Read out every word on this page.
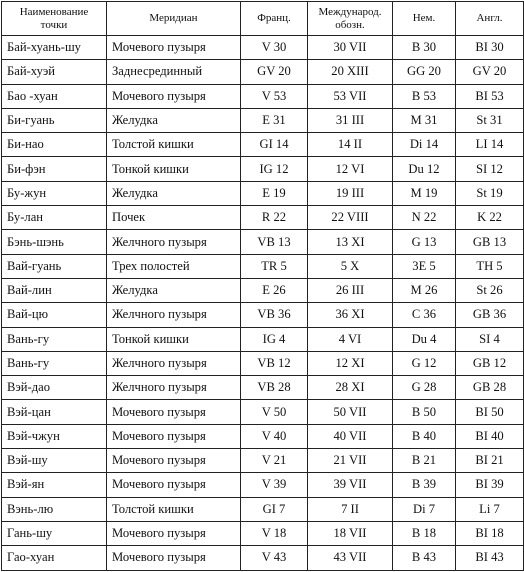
Наименование точки	Меридиан	Франц.	Международ. обозн.	Нем.	Англ.
Бай-хуань-шу	Мочевого пузыря	V 30	30 VII	B 30	BI 30
Бай-хуэй	Заднесрединный	GV 20	20 XIII	GG 20	GV 20
Бао -хуан	Мочевого пузыря	V 53	53 VII	B 53	BI 53
Би-гуань	Желудка	E 31	31 III	M 31	St 31
Би-нао	Толстой кишки	GI 14	14 II	Di 14	LI 14
Би-фэн	Тонкой кишки	IG 12	12 VI	Du 12	SI 12
Бу-жун	Желудка	E 19	19 III	M 19	St 19
Бу-лан	Почек	R 22	22 VIII	N 22	K 22
Бэнь-шэнь	Желчного пузыря	VB 13	13 XI	G 13	GB 13
Вай-гуань	Трех полостей	TR 5	5 X	3E 5	TH 5
Вай-лин	Желудка	E 26	26 III	M 26	St 26
Вай-цю	Желчного пузыря	VB 36	36 XI	C 36	GB 36
Вань-гу	Тонкой кишки	IG 4	4 VI	Du 4	SI 4
Вань-гу	Желчного пузыря	VB 12	12 XI	G 12	GB 12
Вэй-дао	Желчного пузыря	VB 28	28 XI	G 28	GB 28
Вэй-цан	Мочевого пузыря	V 50	50 VII	B 50	BI 50
Вэй-чжун	Мочевого пузыря	V 40	40 VII	B 40	BI 40
Вэй-шу	Мочевого пузыря	V 21	21 VII	B 21	BI 21
Вэй-ян	Мочевого пузыря	V 39	39 VII	B 39	BI 39
Вэнь-лю	Толстой кишки	GI 7	7 II	Di 7	Li 7
Гань-шу	Мочевого пузыря	V 18	18 VII	B 18	BI 18
Гао-хуан	Мочевого пузыря	V 43	43 VII	B 43	BI 43
